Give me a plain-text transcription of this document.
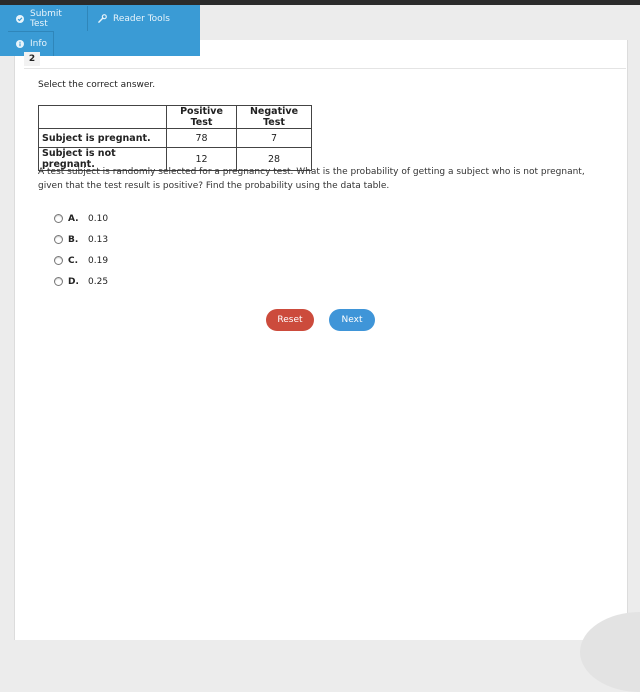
Submit Test	Reader Tools
Info
2
Select the correct answer.
	Positive Test	Negative Test
Subject is pregnant.	78	7
Subject is not pregnant.	12	28
A test subject is randomly selected for a pregnancy test. What is the probability of getting a subject who is not pregnant, given that the test result is positive? Find the probability using the data table.
A.	0.10
B.	0.13
C.	0.19
D.	0.25
Reset	Next
